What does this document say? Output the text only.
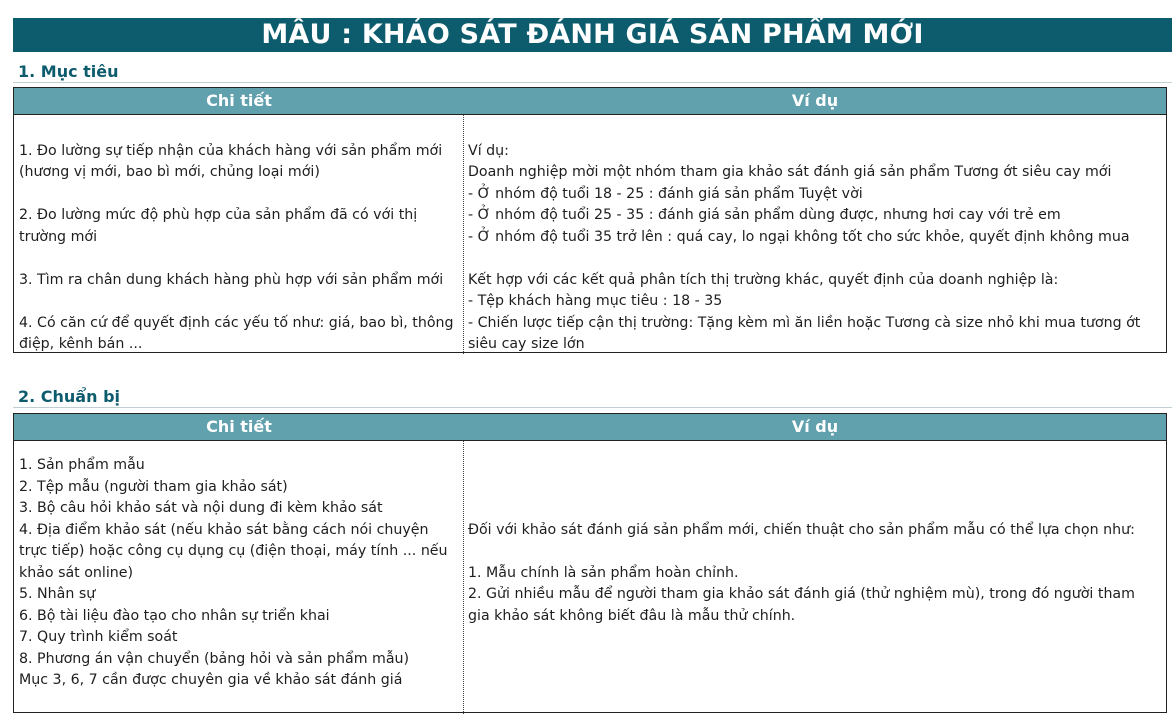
MẪU : KHẢO SÁT ĐÁNH GIÁ SẢN PHẨM MỚI
1. Mục tiêu
Chi tiết	Ví dụ
1. Đo lường sự tiếp nhận của khách hàng với sản phẩm mới
(hương vị mới, bao bì mới, chủng loại mới)
2. Đo lường mức độ phù hợp của sản phẩm đã có với thị
trường mới
3. Tìm ra chân dung khách hàng phù hợp với sản phẩm mới
4. Có căn cứ để quyết định các yếu tố như: giá, bao bì, thông
điệp, kênh bán ...
Ví dụ:
Doanh nghiệp mời một nhóm tham gia khảo sát đánh giá sản phẩm Tương ớt siêu cay mới
- Ở nhóm độ tuổi 18 - 25 : đánh giá sản phẩm Tuyệt vời
- Ở nhóm độ tuổi 25 - 35 : đánh giá sản phẩm dùng được, nhưng hơi cay với trẻ em
- Ở nhóm độ tuổi 35 trở lên : quá cay, lo ngại không tốt cho sức khỏe, quyết định không mua
Kết hợp với các kết quả phân tích thị trường khác, quyết định của doanh nghiệp là:
- Tệp khách hàng mục tiêu : 18 - 35
- Chiến lược tiếp cận thị trường: Tặng kèm mì ăn liền hoặc Tương cà size nhỏ khi mua tương ớt
siêu cay size lớn
2. Chuẩn bị
Chi tiết	Ví dụ
1. Sản phẩm mẫu
2. Tệp mẫu (người tham gia khảo sát)
3. Bộ câu hỏi khảo sát và nội dung đi kèm khảo sát
4. Địa điểm khảo sát (nếu khảo sát bằng cách nói chuyện
trực tiếp) hoặc công cụ dụng cụ (điện thoại, máy tính ... nếu
khảo sát online)
5. Nhân sự
6. Bộ tài liệu đào tạo cho nhân sự triển khai
7. Quy trình kiểm soát
8. Phương án vận chuyển (bảng hỏi và sản phẩm mẫu)
Mục 3, 6, 7 cần được chuyên gia về khảo sát đánh giá
Đối với khảo sát đánh giá sản phẩm mới, chiến thuật cho sản phẩm mẫu có thể lựa chọn như:
1. Mẫu chính là sản phẩm hoàn chỉnh.
2. Gửi nhiều mẫu để người tham gia khảo sát đánh giá (thử nghiệm mù), trong đó người tham
gia khảo sát không biết đâu là mẫu thử chính.
